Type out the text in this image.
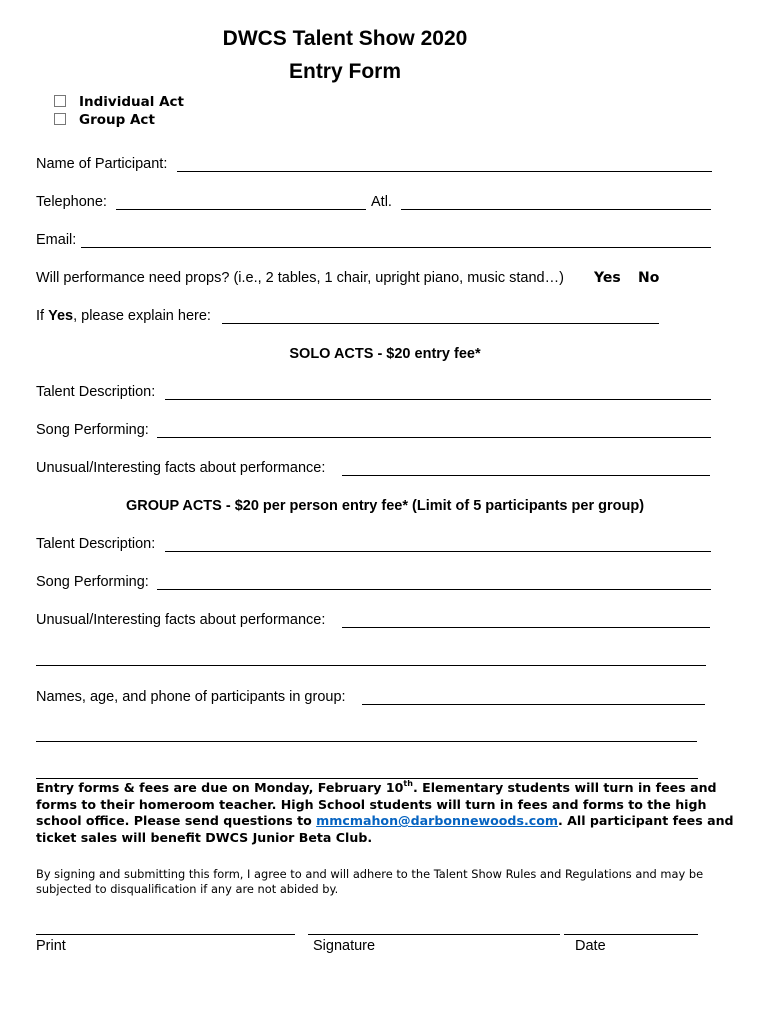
DWCS Talent Show 2020
Entry Form
Individual Act
Group Act
Name of Participant:
Telephone:	Atl.
Email:
Will performance need props? (i.e., 2 tables, 1 chair, upright piano, music stand…) Yes No
If Yes, please explain here:
SOLO ACTS - $20 entry fee*
Talent Description:
Song Performing:
Unusual/Interesting facts about performance:
GROUP ACTS - $20 per person entry fee* (Limit of 5 participants per group)
Talent Description:
Song Performing:
Unusual/Interesting facts about performance:
Names, age, and phone of participants in group:
Entry forms & fees are due on Monday, February 10th. Elementary students will turn in fees and forms to their homeroom teacher. High School students will turn in fees and forms to the high school office. Please send questions to mmcmahon@darbonnewoods.com. All participant fees and ticket sales will benefit DWCS Junior Beta Club.
By signing and submitting this form, I agree to and will adhere to the Talent Show Rules and Regulations and may be subjected to disqualification if any are not abided by.
Print	Signature	Date
